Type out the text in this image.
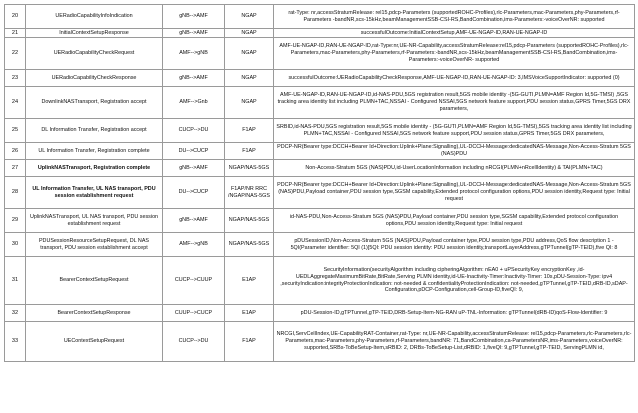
20	UERadioCapabilityInfoIndication	gNB-->AMF	NGAP	rat-Type: nr,accessStratumRelease: rel15,pdcp-Parameters (supportedROHC-Profiles),rlc-Parameters,mac-Parameters,phy-Parameters,rf-Parameters -bandNR,scs-15kHz,beamManagementSSB-CSI-RS,BandCombination,ims-Parameters:-voiceOverNR: supported
21	InitialContextSetupResponse	gNB-->AMF	NGAP	successfulOutcome:InitialContextSetup,AMF-UE-NGAP-ID,RAN-UE-NGAP-ID
22	UERadioCapabilityCheckRequest	AMF-->gNB	NGAP	AMF-UE-NGAP-ID,RAN-UE-NGAP-ID,rat-Type:nr,UE-NR-Capability,accessStratumRelease:rel15,pdcp-Parameters (supportedROHC-Profiles),rlc-Parameters,mac-Parameters,phy-Parameters,rf-Parameters:-bandNR,scs-15kHz,beamManagementSSB-CSI-RS,BandCombination,ims-Parameters:-voiceOverNR- supported
23	UERadioCapabilityCheckResponse	gNB-->AMF	NGAP	successfulOutcome:UERadioCapabilityCheckResponse,AMF-UE-NGAP-ID,RAN-UE-NGAP-ID: 3,IMSVoiceSupportIndicator: supported (0)
24	DownlinkNASTransport, Registration accept	AMF-->Gnb	NGAP	AMF-UE-NGAP-ID,RAN-UE-NGAP-ID,id-NAS-PDU,5GS registration result,5GS mobile identity -(5G-GUTI,PLMN=AMF Region Id,5G-TMSI) ,5GS tracking area identity list including PLMN+TAC,NSSAI - Configured NSSAI,5GS network feature support,PDU session status,GPRS Timer,5GS DRX parameters,
25	DL Information Transfer, Registration accept	CUCP-->DU	F1AP	SRBID,id-NAS-PDU,5GS registration result,5GS mobile identity - (5G-GUTI,PLMN=AMF Region Id,5G-TMSI),5GS tracking area identity list including PLMN+TAC,NSSAI - Configured NSSAI,5GS network feature support,PDU session status,GPRS Timer,5GS DRX parameters,
26	UL Information Transfer, Registration complete	DU-->CUCP	F1AP	PDCP-NR(Bearer type:DCCH+Bearer Id+Direction:Uplink+Plane:Signalling),UL-DCCH-Message:dedicatedNAS-Message,Non-Access-Stratum 5GS (NAS)PDU
27	UplinkNASTransport, Registration complete	gNB-->AMF	NGAP/NAS-5GS	Non-Access-Stratum 5GS (NAS)PDU,id-UserLocationInformation including nRCGI(PLMN+nRcellIdentity) & TAI(PLMN+TAC)
28	UL Information Transfer, UL NAS transport, PDU session establishment request	DU-->CUCP	F1AP/NR RRC /NGAP/NAS-5GS	PDCP-NR(Bearer type:DCCH+Bearer Id+Direction:Uplink+Plane:Signalling),UL-DCCH-Message:dedicatedNAS-Message,Non-Access-Stratum 5GS (NAS)PDU,Payload container,PDU session type,SGSM capability,Extended protocol configuration options,PDU session identity,Request type: Initial request
29	UplinkNASTransport, UL NAS transport, PDU session establishment request	gNB-->AMF	NGAP/NAS-5GS	id-NAS-PDU,Non-Access-Stratum 5GS (NAS)PDU,Payload container,PDU session type,SGSM capability,Extended protocol configuration options,PDU session identity,Request type: Initial request
30	PDUSessionResourceSetupRequest, DL NAS transport, PDU session establishment accept	AMF-->gNB	NGAP/NAS-5GS	pDUSessionID,Non-Access-Stratum 5GS (NAS)PDU,Payload container type,PDU session type,PDU address,QoS flow description 1 - 5QI(Parameter identifier: 5QI (1)[5QI: PDU session identity: PDU session identity,transportLayerAddress,gTPTunnel(gTP-TEID),five QI: 8
31	BearerContextSetupRequest	CUCP-->CUUP	E1AP	SecurityInformation(securityAlgorithm including cipheringAlgorithm: nEA0 + uPSecurityKey encryptionKey ,id-UEDLAggregateMaximumBitRate,BitRate,Serving PLMN identity,id-UE-Inactivity-Timer:Inactivity-Timer: 10s,pDU-Session-Type: ipv4 ,securityIndication:integrityProtectionIndication: not-needed & confidentialityProtectionIndication: not-needed,gTPTunnel,gTP-TEID,dRB-ID,sDAP-Configuration,pDCP-Configuration,cell-Group-ID,fiveQI: 9,
32	BearerContextSetupResponse	CUUP-->CUCP	E1AP	pDU-Session-ID,gTPTunnel,gTP-TEID,DRB-Setup-Item-NG-RAN uP-TNL-Information: gTPTunnel(dRB-ID)qoS-Flow-Identifier: 9
33	UEContextSetupRequest	CUCP-->DU	F1AP	NRCGI,ServCellIndex,UE-CapabilityRAT-Container,rat-Type: nr,UE-NR-Capability,accessStratumRelease: rel15,pdcp-Parameters,rlc-Parameters,rlc-Parameters,mac-Parameters,phy-Parameters,rf-Parameters,bandNR: 71,BandCombination,ca-ParametersNR,ims-Parameters,voiceOverNR: supported,SRBs-ToBeSetup-Item,sRBID: 2, DRBs-ToBeSetup-List,dRBID: 1,fiveQI: 9,gTPTunnel,gTP-TEID, ServingPLMN id,
